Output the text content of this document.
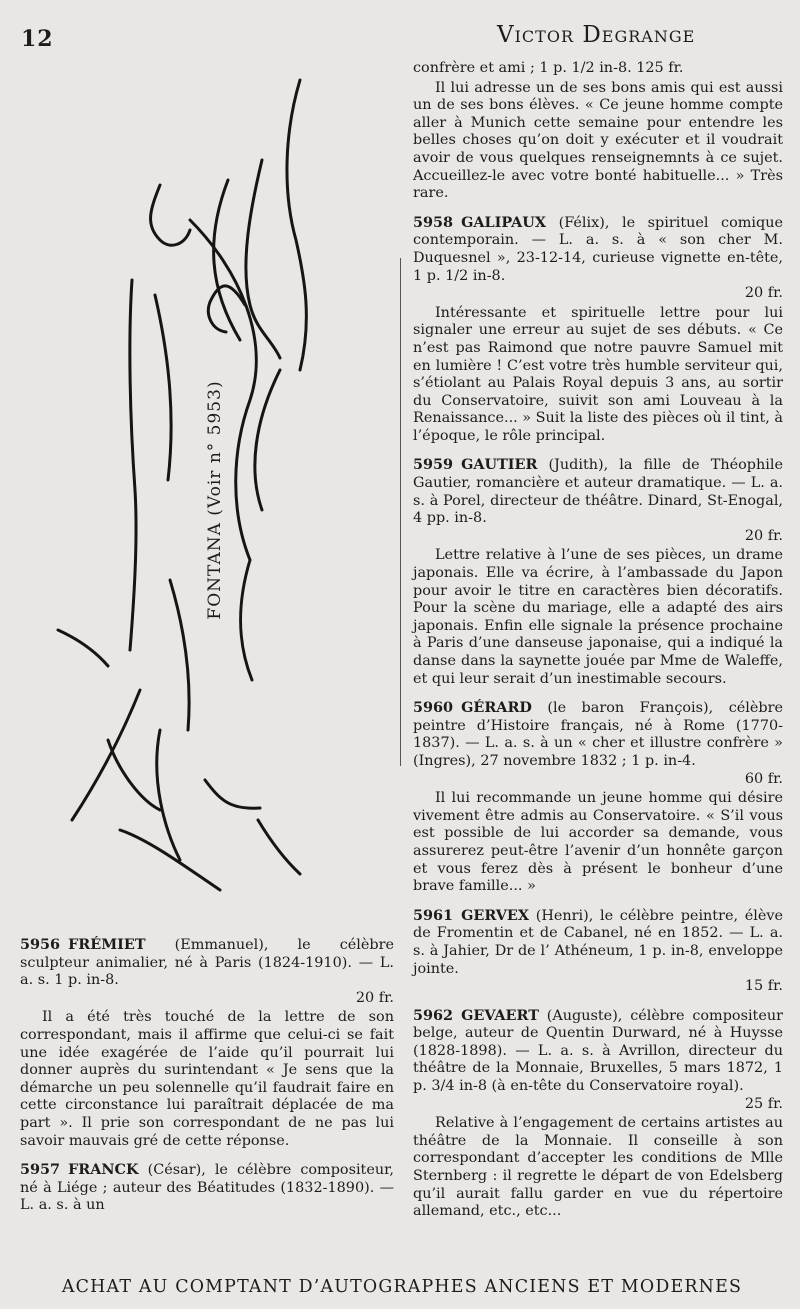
12	Victor Degrange
FONTANA (Voir n° 5953)
5956 FRÉMIET (Emmanuel), le célèbre sculpteur animalier, né à Paris (1824-1910). — L. a. s. 1 p. in-8.
20 fr.
Il a été très touché de la lettre de son correspondant, mais il affirme que celui-ci se fait une idée exagérée de l’aide qu’il pourrait lui donner auprès du surintendant « Je sens que la démarche un peu solennelle qu’il faudrait faire en cette circonstance lui paraîtrait déplacée de ma part ». Il prie son correspondant de ne pas lui savoir mauvais gré de cette réponse.
5957 FRANCK (César), le célèbre compositeur, né à Liége ; auteur des Béatitudes (1832-1890). — L. a. s. à un
confrère et ami ; 1 p. 1/2 in-8. 125 fr.
Il lui adresse un de ses bons amis qui est aussi un de ses bons élèves. « Ce jeune homme compte aller à Munich cette semaine pour entendre les belles choses qu’on doit y exécuter et il voudrait avoir de vous quelques renseignemnts à ce sujet. Accueillez-le avec votre bonté habituelle... » Très rare.
5958 GALIPAUX (Félix), le spirituel comique contemporain. — L. a. s. à « son cher M. Duquesnel », 23-12-14, curieuse vignette en-tête, 1 p. 1/2 in-8.
20 fr.
Intéressante et spirituelle lettre pour lui signaler une erreur au sujet de ses débuts. « Ce n’est pas Raimond que notre pauvre Samuel mit en lumière ! C’est votre très humble serviteur qui, s’étiolant au Palais Royal depuis 3 ans, au sortir du Conservatoire, suivit son ami Louveau à la Renaissance... » Suit la liste des pièces où il tint, à l’époque, le rôle principal.
5959 GAUTIER (Judith), la fille de Théophile Gautier, romancière et auteur dramatique. — L. a. s. à Porel, directeur de théâtre. Dinard, St-Enogal, 4 pp. in-8.
20 fr.
Lettre relative à l’une de ses pièces, un drame japonais. Elle va écrire, à l’ambassade du Japon pour avoir le titre en caractères bien décoratifs. Pour la scène du mariage, elle a adapté des airs japonais. Enfin elle signale la présence prochaine à Paris d’une danseuse japonaise, qui a indiqué la danse dans la saynette jouée par Mme de Waleffe, et qui leur serait d’un inestimable secours.
5960 GÉRARD (le baron François), célèbre peintre d’Histoire français, né à Rome (1770-1837). — L. a. s. à un « cher et illustre confrère » (Ingres), 27 novembre 1832 ; 1 p. in-4.
60 fr.
Il lui recommande un jeune homme qui désire vivement être admis au Conservatoire. « S’il vous est possible de lui accorder sa demande, vous assurerez peut-être l’avenir d’un honnête garçon et vous ferez dès à présent le bonheur d’une brave famille... »
5961 GERVEX (Henri), le célèbre peintre, élève de Fromentin et de Cabanel, né en 1852. — L. a. s. à Jahier, Dr de l’ Athéneum, 1 p. in-8, enveloppe jointe.
15 fr.
5962 GEVAERT (Auguste), célèbre compositeur belge, auteur de Quentin Durward, né à Huysse (1828-1898). — L. a. s. à Avrillon, directeur du théâtre de la Monnaie, Bruxelles, 5 mars 1872, 1 p. 3/4 in-8 (à en-tête du Conservatoire royal).
25 fr.
Relative à l’engagement de certains artistes au théâtre de la Monnaie. Il conseille à son correspondant d’accepter les conditions de Mlle Sternberg : il regrette le départ de von Edelsberg qu’il aurait fallu garder en vue du répertoire allemand, etc., etc...
ACHAT AU COMPTANT D’AUTOGRAPHES ANCIENS ET MODERNES
